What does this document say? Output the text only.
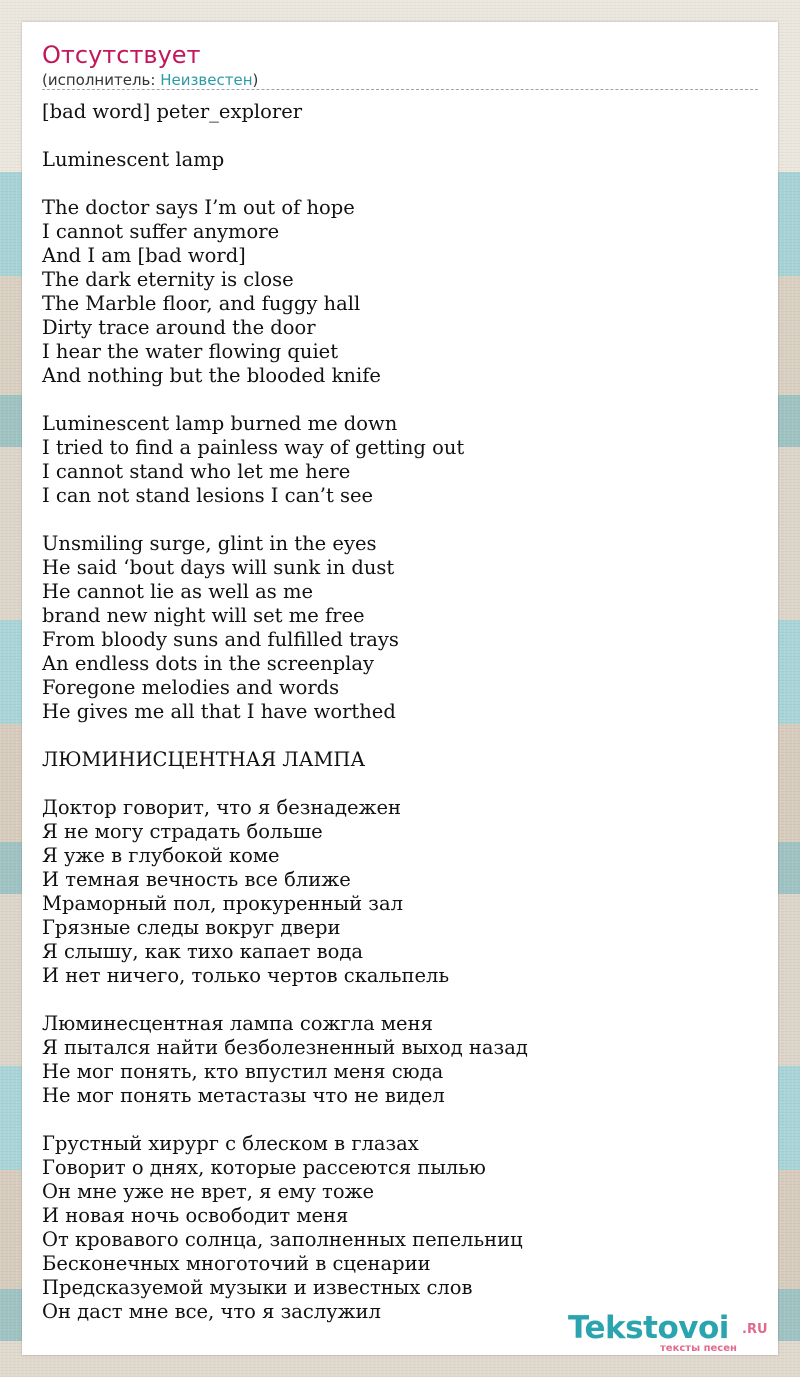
Отсутствует
(исполнитель: Неизвестен)
[bad word] peter_explorer
Luminescent lamp
The doctor says I’m out of hope
I cannot suffer anymore
And I am [bad word]
The dark eternity is close
The Marble floor, and fuggy hall
Dirty trace around the door
I hear the water flowing quiet
And nothing but the blooded knife
Luminescent lamp burned me down
I tried to find a painless way of getting out
I cannot stand who let me here
I can not stand lesions I can’t see
Unsmiling surge, glint in the eyes
He said ‘bout days will sunk in dust
He cannot lie as well as me
brand new night will set me free
From bloody suns and fulfilled trays
An endless dots in the screenplay
Foregone melodies and words
He gives me all that I have worthed
ЛЮМИНИСЦЕНТНАЯ ЛАМПА
Доктор говорит, что я безнадежен
Я не могу страдать больше
Я уже в глубокой коме
И темная вечность все ближе
Мраморный пол, прокуренный зал
Грязные следы вокруг двери
Я слышу, как тихо капает вода
И нет ничего, только чертов скальпель
Люминесцентная лампа сожгла меня
Я пытался найти безболезненный выход назад
Не мог понять, кто впустил меня сюда
Не мог понять метастазы что не видел
Грустный хирург с блеском в глазах
Говорит о днях, которые рассеются пылью
Он мне уже не врет, я ему тоже
И новая ночь освободит меня
От кровавого солнца, заполненных пепельниц
Бесконечных многоточий в сценарии
Предсказуемой музыки и известных слов
Он даст мне все, что я заслужил	Tekstovoi .RU
тексты песен
